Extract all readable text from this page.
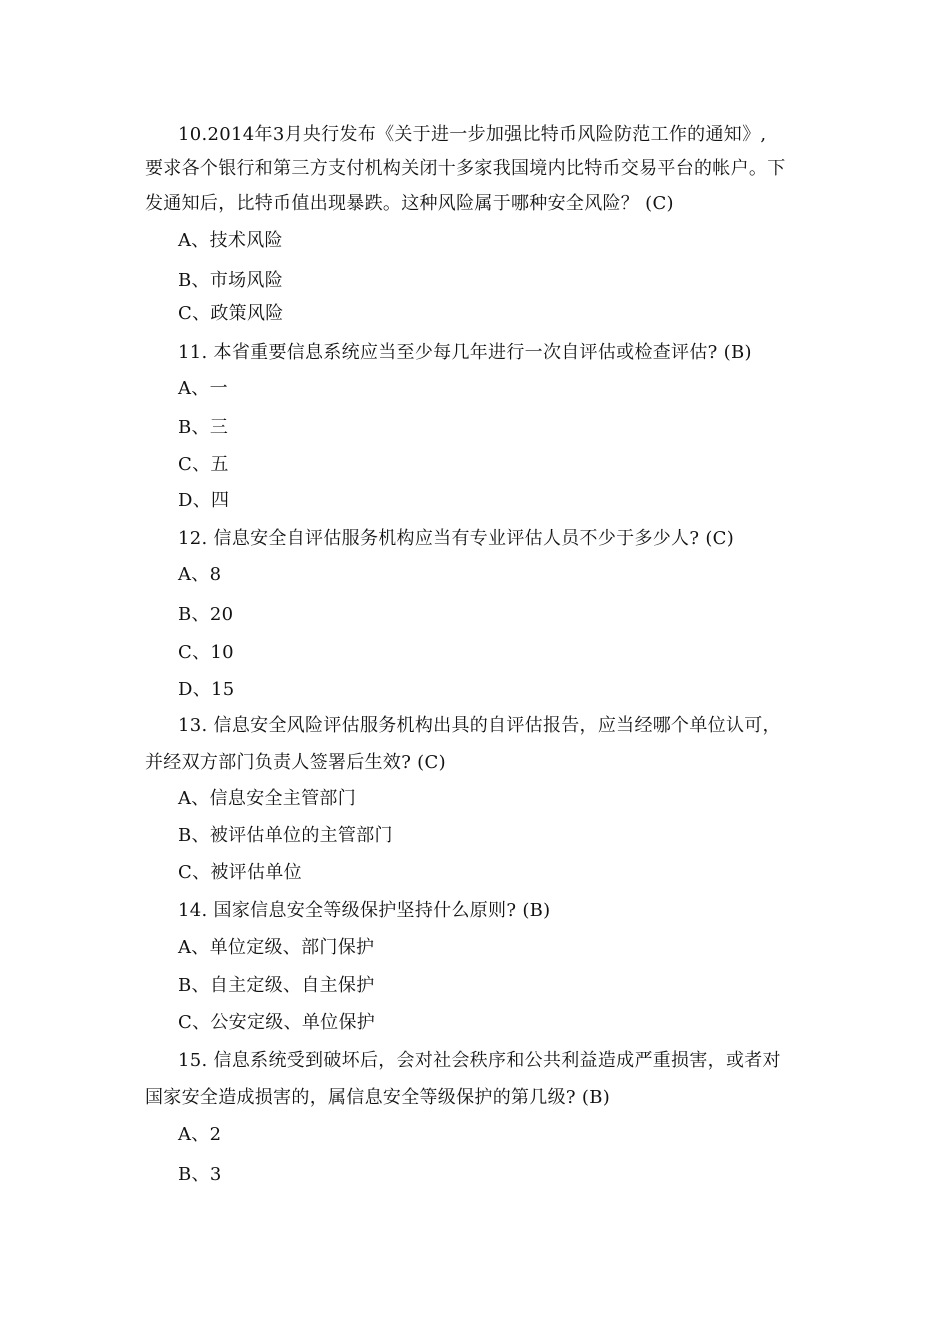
10.2014年3月央行发布《关于进一步加强比特币风险防范工作的通知》,
要求各个银行和第三方支付机构关闭十多家我国境内比特币交易平台的帐户。下
发通知后，比特币值出现暴跌。这种风险属于哪种安全风险？ (C)
A、技术风险
B、市场风险
C、政策风险
11. 本省重要信息系统应当至少每几年进行一次自评估或检查评估? (B)
A、一
B、三
C、五
D、四
12. 信息安全自评估服务机构应当有专业评估人员不少于多少人? (C)
A、8
B、20
C、10
D、15
13. 信息安全风险评估服务机构出具的自评估报告，应当经哪个单位认可，
并经双方部门负责人签署后生效? (C)
A、信息安全主管部门
B、被评估单位的主管部门
C、被评估单位
14. 国家信息安全等级保护坚持什么原则? (B)
A、单位定级、部门保护
B、自主定级、自主保护
C、公安定级、单位保护
15. 信息系统受到破坏后，会对社会秩序和公共利益造成严重损害，或者对
国家安全造成损害的，属信息安全等级保护的第几级? (B)
A、2
B、3
